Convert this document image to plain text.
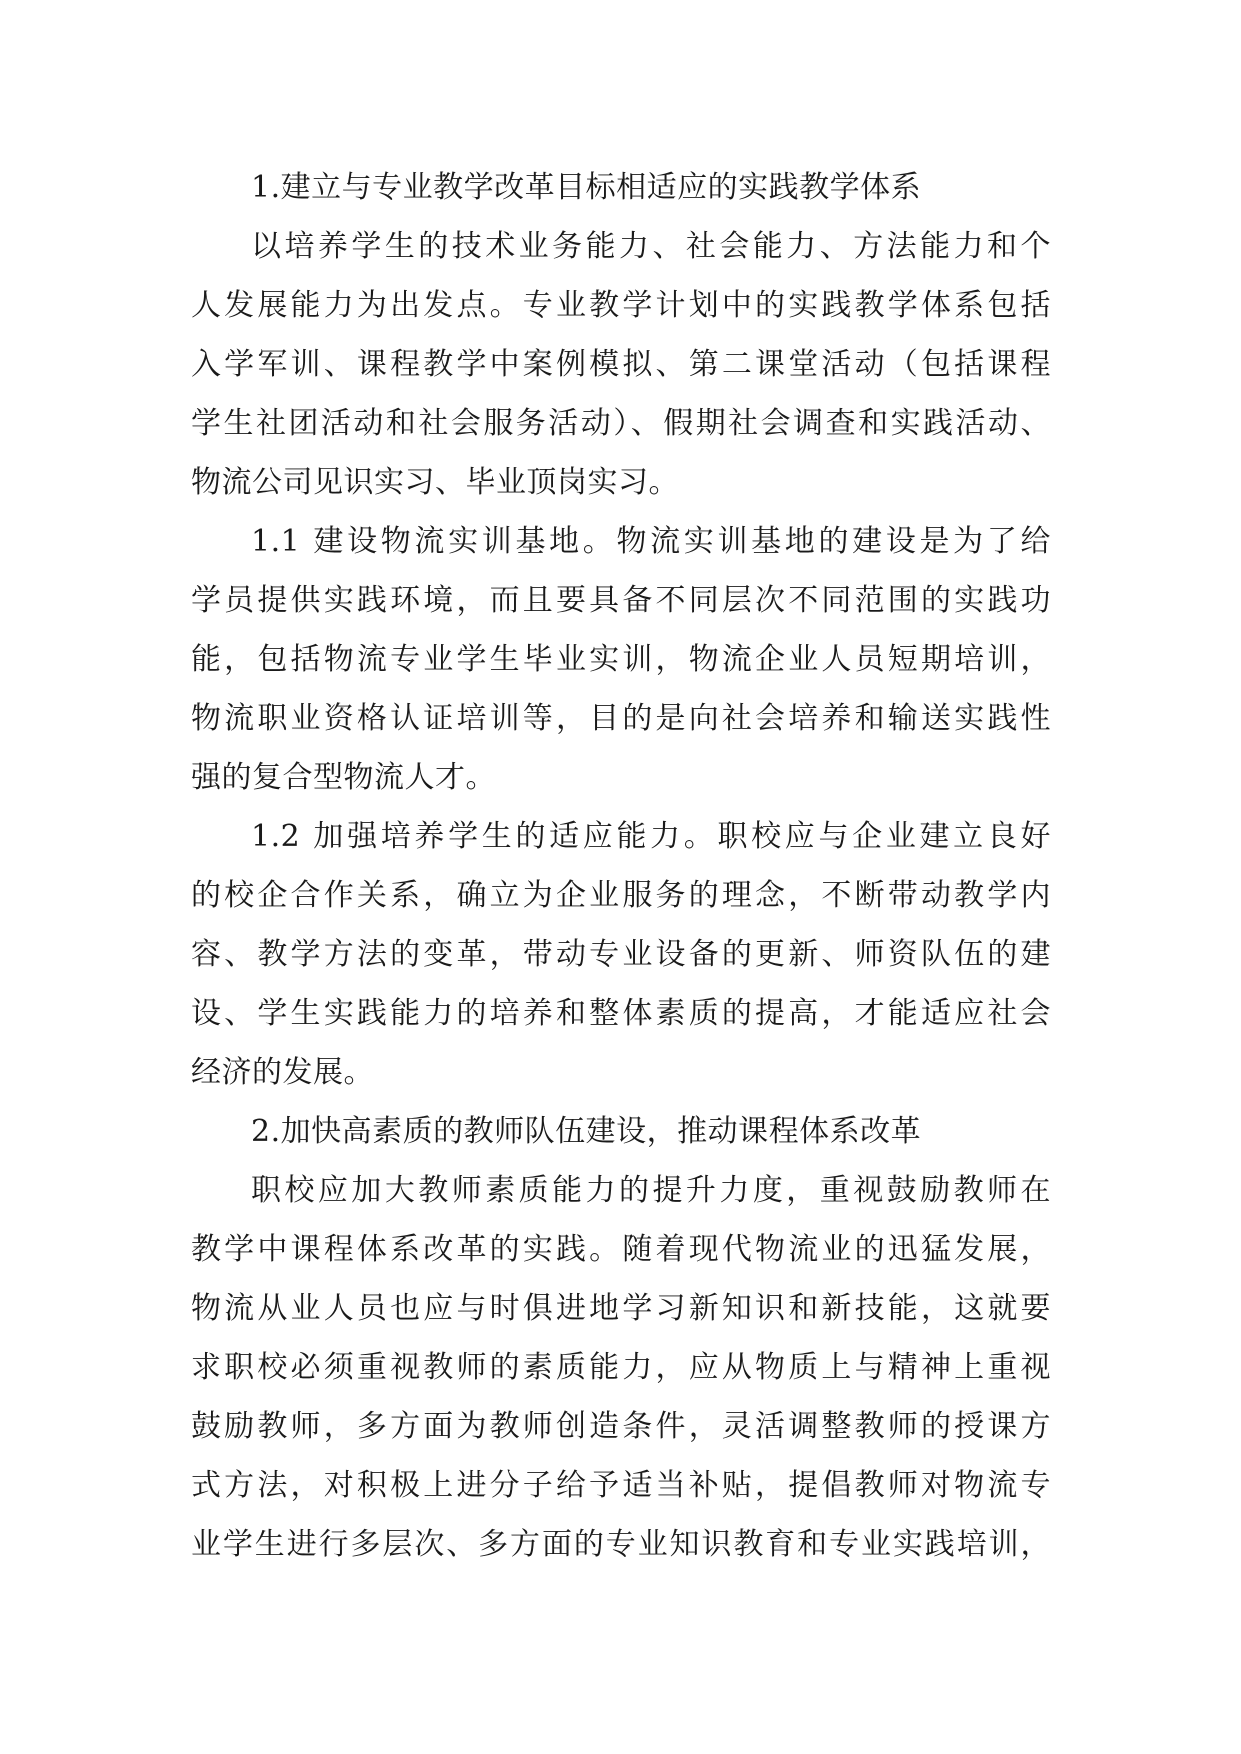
1.建立与专业教学改革目标相适应的实践教学体系
以培养学生的技术业务能力、社会能力、方法能力和个
人发展能力为出发点。专业教学计划中的实践教学体系包括
入学军训、课程教学中案例模拟、第二课堂活动（包括课程
学生社团活动和社会服务活动）、假期社会调查和实践活动、
物流公司见识实习、毕业顶岗实习。
1.1 建设物流实训基地。物流实训基地的建设是为了给
学员提供实践环境，而且要具备不同层次不同范围的实践功
能，包括物流专业学生毕业实训，物流企业人员短期培训，
物流职业资格认证培训等，目的是向社会培养和输送实践性
强的复合型物流人才。
1.2 加强培养学生的适应能力。职校应与企业建立良好
的校企合作关系，确立为企业服务的理念，不断带动教学内
容、教学方法的变革，带动专业设备的更新、师资队伍的建
设、学生实践能力的培养和整体素质的提高，才能适应社会
经济的发展。
2.加快高素质的教师队伍建设，推动课程体系改革
职校应加大教师素质能力的提升力度，重视鼓励教师在
教学中课程体系改革的实践。随着现代物流业的迅猛发展，
物流从业人员也应与时俱进地学习新知识和新技能，这就要
求职校必须重视教师的素质能力，应从物质上与精神上重视
鼓励教师，多方面为教师创造条件，灵活调整教师的授课方
式方法，对积极上进分子给予适当补贴，提倡教师对物流专
业学生进行多层次、多方面的专业知识教育和专业实践培训，
